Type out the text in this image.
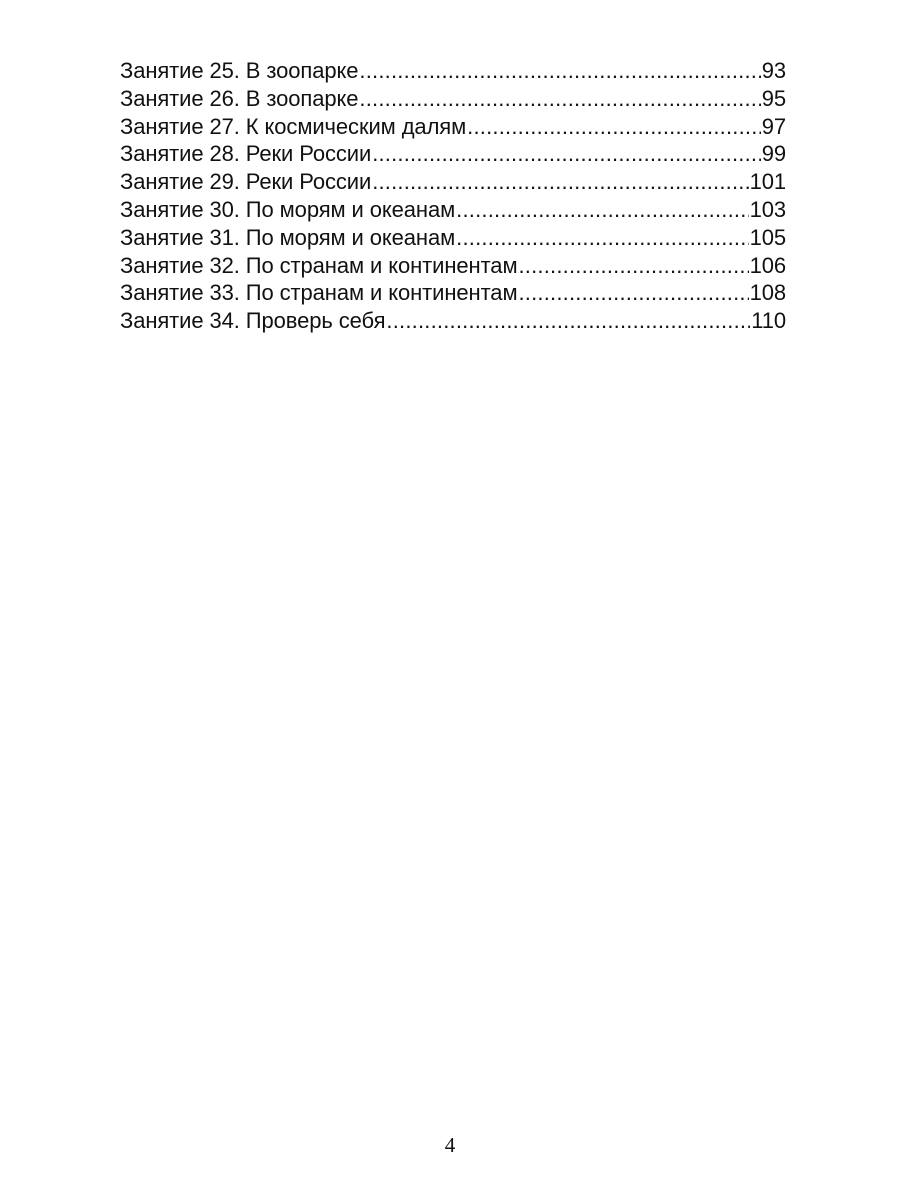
Занятие 25. В зоопарке .....	93
Занятие 26. В зоопарке .....	95
Занятие 27. К космическим далям .....	97
Занятие 28. Реки России .....	99
Занятие 29. Реки России .....	101
Занятие 30. По морям и океанам .....	103
Занятие 31. По морям и океанам .....	105
Занятие 32. По странам и континентам .....	106
Занятие 33. По странам и континентам .....	108
Занятие 34. Проверь себя .....	110
4
